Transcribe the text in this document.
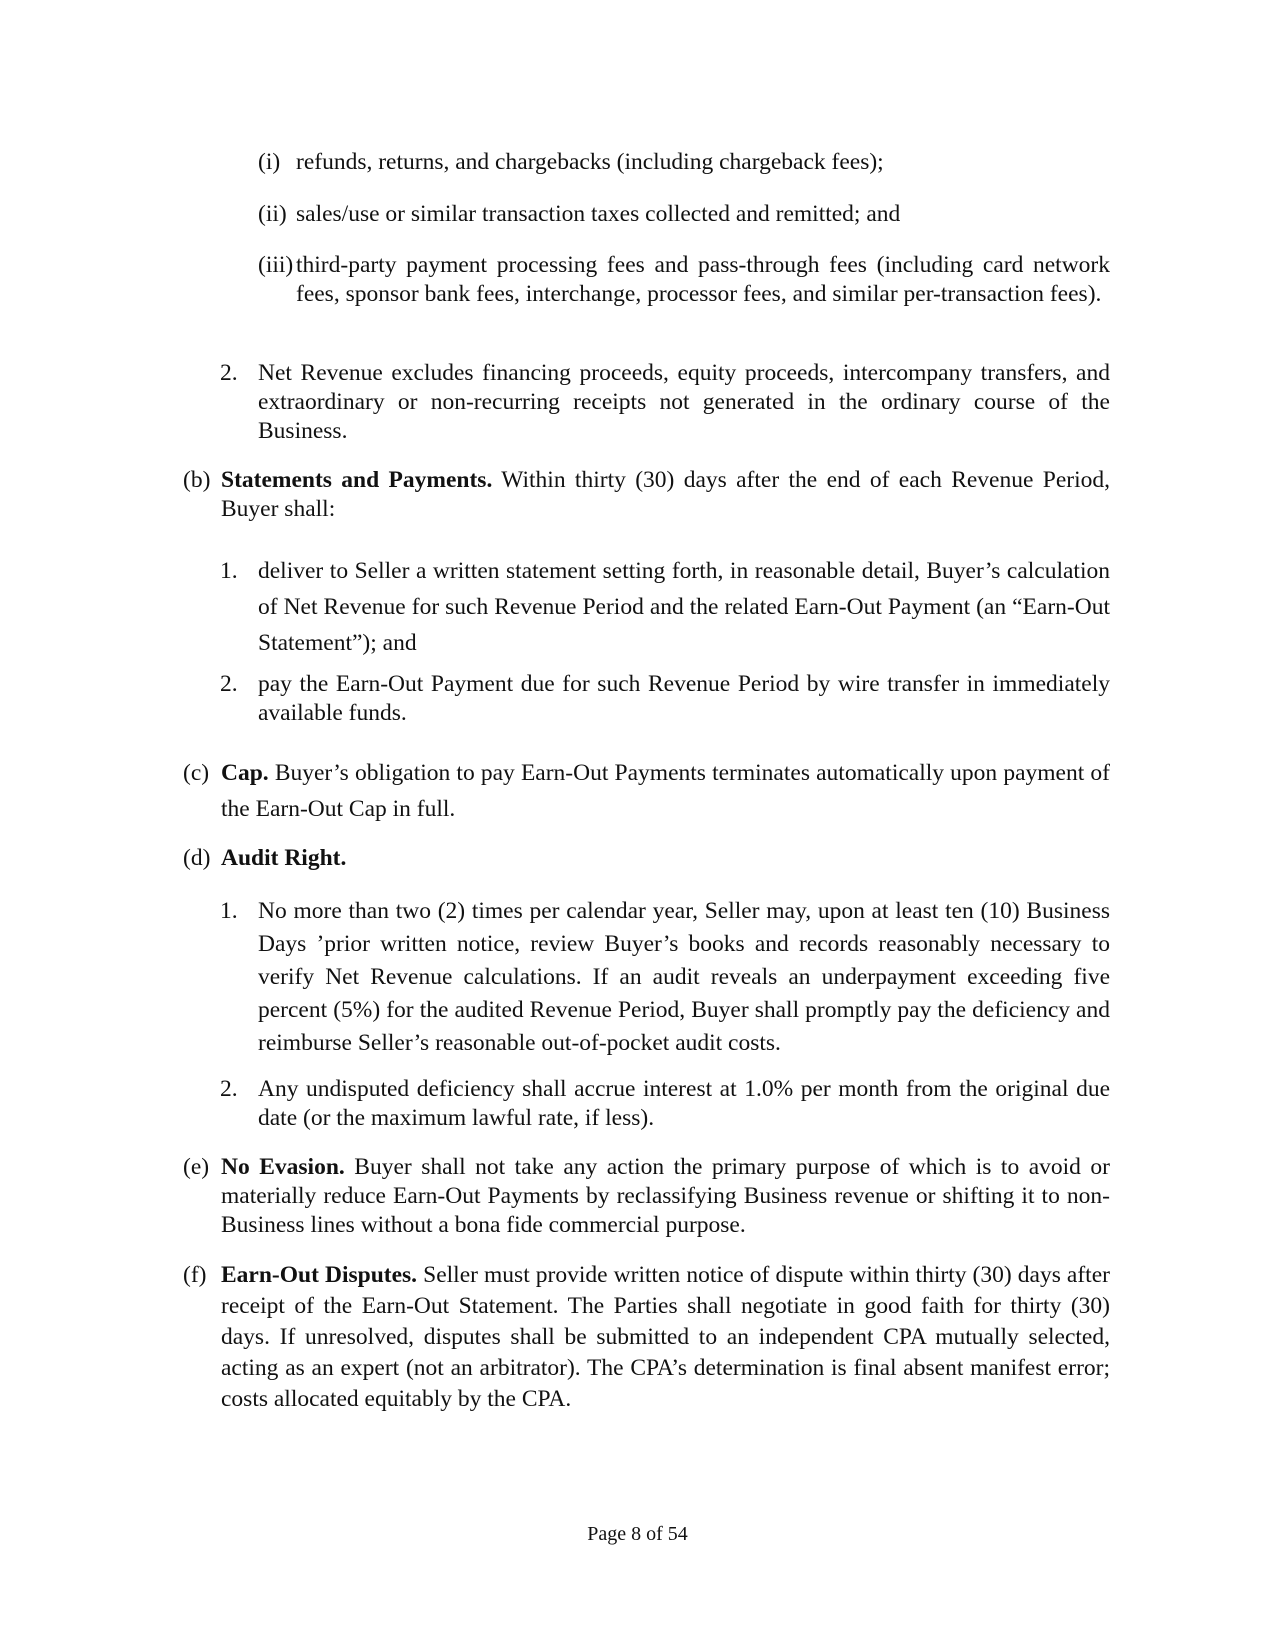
(i) refunds, returns, and chargebacks (including chargeback fees);
(ii) sales/use or similar transaction taxes collected and remitted; and
(iii) third-party payment processing fees and pass-through fees (including card network fees, sponsor bank fees, interchange, processor fees, and similar per-transaction fees).
2. Net Revenue excludes financing proceeds, equity proceeds, intercompany transfers, and extraordinary or non-recurring receipts not generated in the ordinary course of the Business.
(b) Statements and Payments. Within thirty (30) days after the end of each Revenue Period, Buyer shall:
1. deliver to Seller a written statement setting forth, in reasonable detail, Buyer’s calculation of Net Revenue for such Revenue Period and the related Earn-Out Payment (an “Earn-Out Statement”); and
2. pay the Earn-Out Payment due for such Revenue Period by wire transfer in immediately available funds.
(c) Cap. Buyer’s obligation to pay Earn-Out Payments terminates automatically upon payment of the Earn-Out Cap in full.
(d) Audit Right.
1. No more than two (2) times per calendar year, Seller may, upon at least ten (10) Business Days ’prior written notice, review Buyer’s books and records reasonably necessary to verify Net Revenue calculations. If an audit reveals an underpayment exceeding five percent (5%) for the audited Revenue Period, Buyer shall promptly pay the deficiency and reimburse Seller’s reasonable out-of-pocket audit costs.
2. Any undisputed deficiency shall accrue interest at 1.0% per month from the original due date (or the maximum lawful rate, if less).
(e) No Evasion. Buyer shall not take any action the primary purpose of which is to avoid or materially reduce Earn-Out Payments by reclassifying Business revenue or shifting it to non-Business lines without a bona fide commercial purpose.
(f) Earn-Out Disputes. Seller must provide written notice of dispute within thirty (30) days after receipt of the Earn-Out Statement. The Parties shall negotiate in good faith for thirty (30) days. If unresolved, disputes shall be submitted to an independent CPA mutually selected, acting as an expert (not an arbitrator). The CPA’s determination is final absent manifest error; costs allocated equitably by the CPA.
Page 8 of 54
